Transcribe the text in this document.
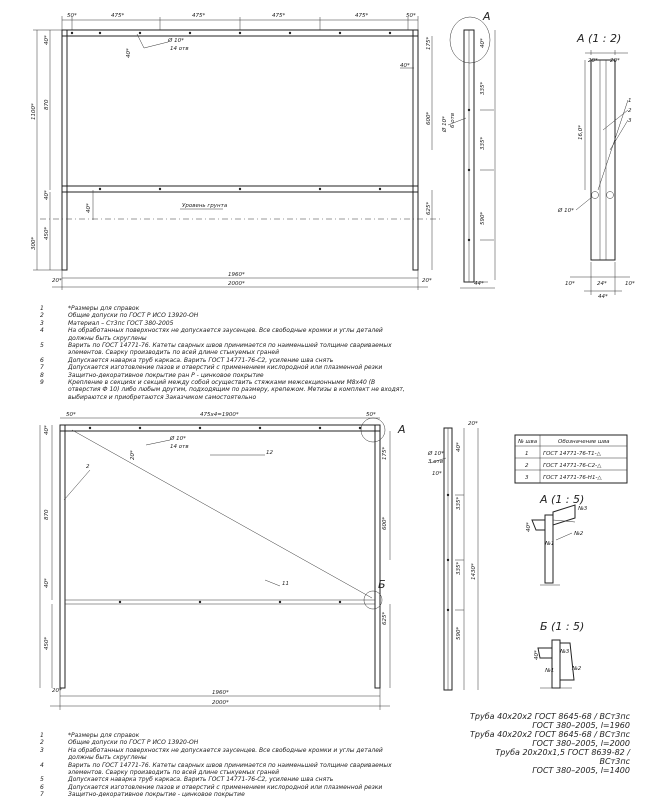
50*	475*	475*	475*	475*	50*
40*
1100* 870
40*
450*
300*
Ø 10*
14 отв
40*
175*
600*
625*
40*
40*	Уровень грунта
1960*
2000*
20*	20*
A
40*
335*
335*
590*
44*
Ø 10* 6 отв
A (1 : 2)
20* 20*
16,0*
10*	24*	10*
44*
Ø 10*
1
2
3
50*	475х4=1900*	50*
40*
870
40*
450*
20*
Ø 10*
14 отв
12
2
11
175*
600*
625*
1960*
2000*
20*
A
Б
20*
40*
10*
335*
335* 1430*
590*
Ø 10*
3 отв
№ шва	Обозначение шва
1	ГОСТ 14771-76-Т1-△
2	ГОСТ 14771-76-С2-△
3	ГОСТ 14771-76-Н1-△
A (1 : 5)
40*
№3
№2
№1
Б (1 : 5)
40*	№3
№1	№2
1	*Размеры для справок
2	Общие допуски по ГОСТ Р ИСО 13920-ОН
3	Материал – Ст3пс ГОСТ 380-2005
4	На обработанных поверхностях не допускается заусенцев. Все свободные кромки и углы деталей
должны быть скруглены
5	Варить по ГОСТ 14771-76. Катеты сварных швов принимается по наименьшей толщине свариваемых
элементов. Сварку производить по всей длине стыкуемых граней
6	Допускается наварка труб каркаса. Варить ГОСТ 14771-76-С2, усиление шва снять
7	Допускается изготовление пазов и отверстий с применением кислородной или плазменной резки
8	Защитно-декоративное покрытие ран P - цинковое покрытие
9	Крепление в секциях и секций между собой осуществить стяжками межсекционными М8х40 (В
отверстия Ф 10) либо любым другим, подходящим по размеру, крепежом. Метизы в комплект не входят,
выбираются и приобретаются Заказчиком самостоятельно
Труба 40х20х2 ГОСТ 8645-68 / ВСт3пс
ГОСТ 380–2005, l=1960
Труба 40х20х2 ГОСТ 8645-68 / ВСт3пс
ГОСТ 380–2005, l=2000
Труба 20х20х1,5 ГОСТ 8639-82 / ВСт3пс
ГОСТ 380–2005, l=1400
1	*Размеры для справок
2	Общие допуски по ГОСТ Р ИСО 13920-ОН
3	На обработанных поверхностях не допускается заусенцев. Все свободные кромки и углы деталей
должны быть скруглены
4	Варить по ГОСТ 14771-76. Катеты сварных швов принимается по наименьшей толщине свариваемых
элементов. Сварку производить по всей длине стыкуемых граней
5	Допускается наварка труб каркаса. Варить ГОСТ 14771-76-С2, усиление шва снять
6	Допускается изготовление пазов и отверстий с применением кислородной или плазменной резки
7	Защитно-декоративное покрытие - цинковое покрытие
